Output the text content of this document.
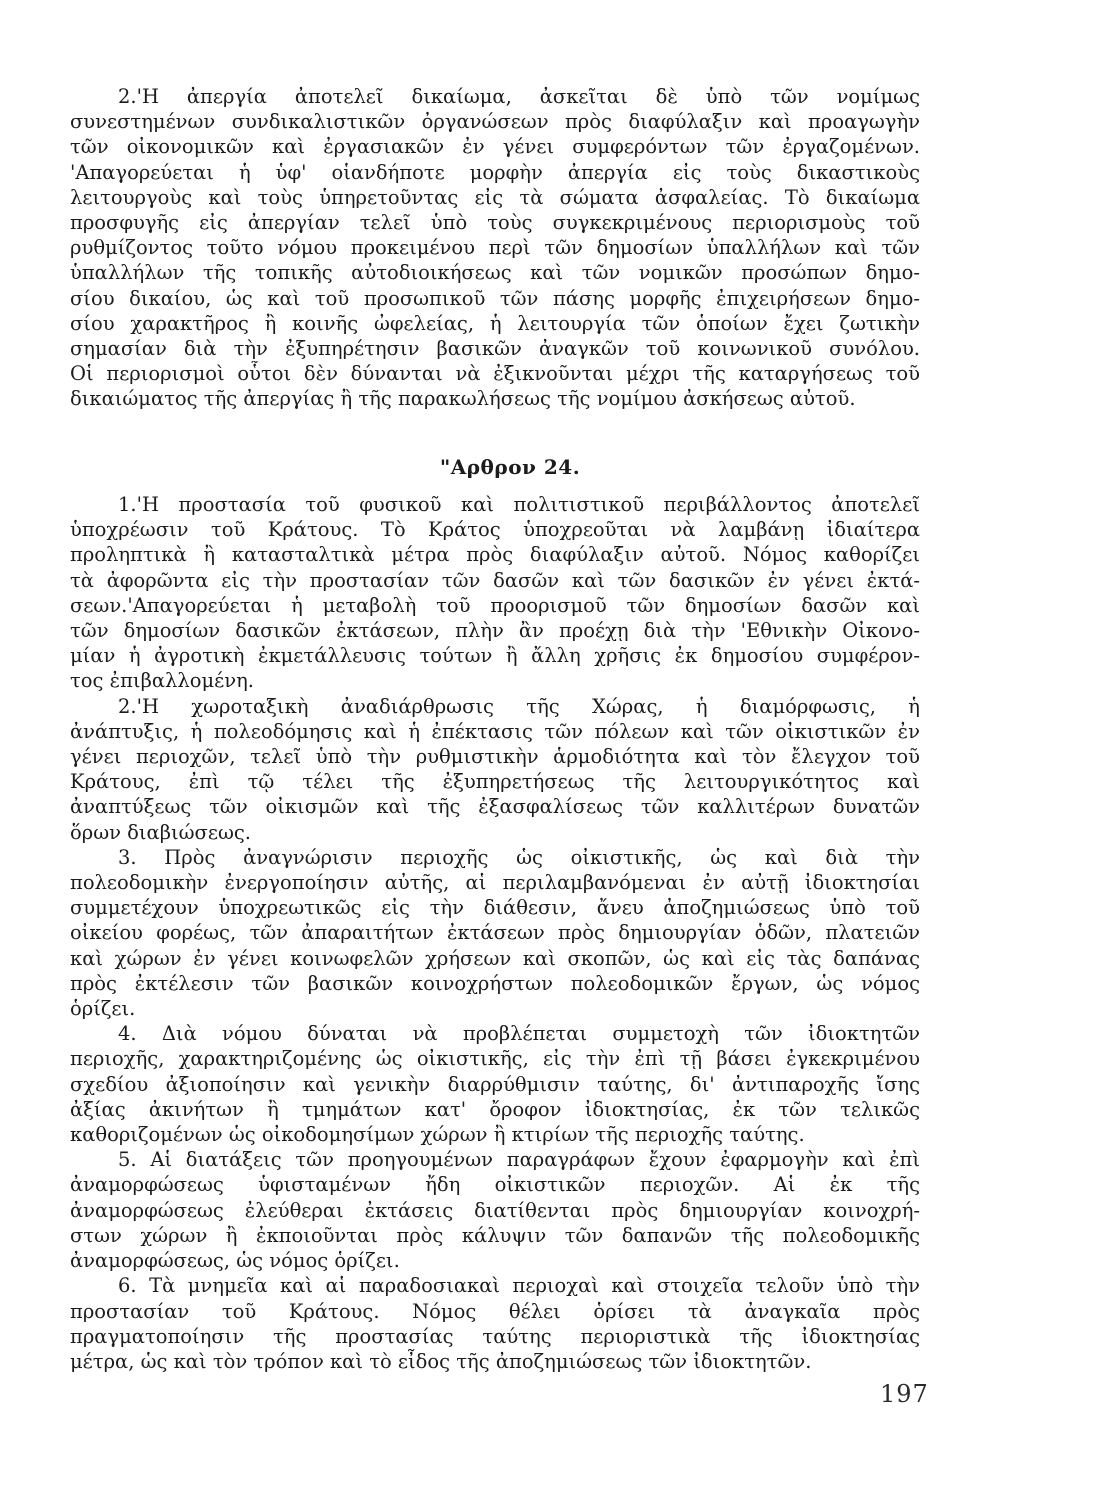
2.'Η ἀπεργία ἀποτελεῖ δικαίωμα, ἀσκεῖται δὲ ὑπὸ τῶν νομίμως
συνεστημένων συνδικαλιστικῶν ὀργανώσεων πρὸς διαφύλαξιν καὶ προαγωγὴν
τῶν οἰκονομικῶν καὶ ἐργασιακῶν ἐν γένει συμφερόντων τῶν ἐργαζομένων.
'Απαγορεύεται ἡ ὑφ' οἱανδήποτε μορφὴν ἀπεργία εἰς τοὺς δικαστικοὺς
λειτουργοὺς καὶ τοὺς ὑπηρετοῦντας εἰς τὰ σώματα ἀσφαλείας. Τὸ δικαίωμα
προσφυγῆς εἰς ἀπεργίαν τελεῖ ὑπὸ τοὺς συγκεκριμένους περιορισμοὺς τοῦ
ρυθμίζοντος τοῦτο νόμου προκειμένου περὶ τῶν δημοσίων ὑπαλλήλων καὶ τῶν
ὑπαλλήλων τῆς τοπικῆς αὐτοδιοικήσεως καὶ τῶν νομικῶν προσώπων δημο-
σίου δικαίου, ὡς καὶ τοῦ προσωπικοῦ τῶν πάσης μορφῆς ἐπιχειρήσεων δημο-
σίου χαρακτῆρος ἢ κοινῆς ὠφελείας, ἡ λειτουργία τῶν ὁποίων ἔχει ζωτικὴν
σημασίαν διὰ τὴν ἐξυπηρέτησιν βασικῶν ἀναγκῶν τοῦ κοινωνικοῦ συνόλου.
Οἱ περιορισμοὶ οὗτοι δὲν δύνανται νὰ ἐξικνοῦνται μέχρι τῆς καταργήσεως τοῦ
δικαιώματος τῆς ἀπεργίας ἢ τῆς παρακωλήσεως τῆς νομίμου ἀσκήσεως αὐτοῦ.

"Αρθρον 24.

1.'Η προστασία τοῦ φυσικοῦ καὶ πολιτιστικοῦ περιβάλλοντος ἀποτελεῖ
ὑποχρέωσιν τοῦ Κράτους. Τὸ Κράτος ὑποχρεοῦται νὰ λαμβάνῃ ἰδιαίτερα
προληπτικὰ ἢ κατασταλτικὰ μέτρα πρὸς διαφύλαξιν αὐτοῦ. Νόμος καθορίζει
τὰ ἀφορῶντα εἰς τὴν προστασίαν τῶν δασῶν καὶ τῶν δασικῶν ἐν γένει ἐκτά-
σεων.'Απαγορεύεται ἡ μεταβολὴ τοῦ προορισμοῦ τῶν δημοσίων δασῶν καὶ
τῶν δημοσίων δασικῶν ἐκτάσεων, πλὴν ἂν προέχῃ διὰ τὴν 'Εθνικὴν Οἰκονο-
μίαν ἡ ἀγροτικὴ ἐκμετάλλευσις τούτων ἢ ἄλλη χρῆσις ἐκ δημοσίου συμφέρον-
τος ἐπιβαλλομένη.

2.'Η χωροταξικὴ ἀναδιάρθρωσις τῆς Χώρας, ἡ διαμόρφωσις, ἡ
ἀνάπτυξις, ἡ πολεοδόμησις καὶ ἡ ἐπέκτασις τῶν πόλεων καὶ τῶν οἰκιστικῶν ἐν
γένει περιοχῶν, τελεῖ ὑπὸ τὴν ρυθμιστικὴν ἁρμοδιότητα καὶ τὸν ἔλεγχον τοῦ
Κράτους, ἐπὶ τῷ τέλει τῆς ἐξυπηρετήσεως τῆς λειτουργικότητος καὶ
ἀναπτύξεως τῶν οἰκισμῶν καὶ τῆς ἐξασφαλίσεως τῶν καλλιτέρων δυνατῶν
ὅρων διαβιώσεως.

3. Πρὸς ἀναγνώρισιν περιοχῆς ὡς οἰκιστικῆς, ὡς καὶ διὰ τὴν
πολεοδομικὴν ἐνεργοποίησιν αὐτῆς, αἱ περιλαμβανόμεναι ἐν αὐτῇ ἰδιοκτησίαι
συμμετέχουν ὑποχρεωτικῶς εἰς τὴν διάθεσιν, ἄνευ ἀποζημιώσεως ὑπὸ τοῦ
οἰκείου φορέως, τῶν ἀπαραιτήτων ἐκτάσεων πρὸς δημιουργίαν ὁδῶν, πλατειῶν
καὶ χώρων ἐν γένει κοινωφελῶν χρήσεων καὶ σκοπῶν, ὡς καὶ εἰς τὰς δαπάνας
πρὸς ἐκτέλεσιν τῶν βασικῶν κοινοχρήστων πολεοδομικῶν ἔργων, ὡς νόμος
ὁρίζει.

4. Διὰ νόμου δύναται νὰ προβλέπεται συμμετοχὴ τῶν ἰδιοκτητῶν
περιοχῆς, χαρακτηριζομένης ὡς οἰκιστικῆς, εἰς τὴν ἐπὶ τῇ βάσει ἐγκεκριμένου
σχεδίου ἀξιοποίησιν καὶ γενικὴν διαρρύθμισιν ταύτης, δι' ἀντιπαροχῆς ἴσης
ἀξίας ἀκινήτων ἢ τμημάτων κατ' ὄροφον ἰδιοκτησίας, ἐκ τῶν τελικῶς
καθοριζομένων ὡς οἰκοδομησίμων χώρων ἢ κτιρίων τῆς περιοχῆς ταύτης.

5. Αἱ διατάξεις τῶν προηγουμένων παραγράφων ἔχουν ἐφαρμογὴν καὶ ἐπὶ
ἀναμορφώσεως ὑφισταμένων ἤδη οἰκιστικῶν περιοχῶν. Αἱ ἐκ τῆς
ἀναμορφώσεως ἐλεύθεραι ἐκτάσεις διατίθενται πρὸς δημιουργίαν κοινοχρή-
στων χώρων ἢ ἐκποιοῦνται πρὸς κάλυψιν τῶν δαπανῶν τῆς πολεοδομικῆς
ἀναμορφώσεως, ὡς νόμος ὁρίζει.

6. Τὰ μνημεῖα καὶ αἱ παραδοσιακαὶ περιοχαὶ καὶ στοιχεῖα τελοῦν ὑπὸ τὴν
προστασίαν τοῦ Κράτους. Νόμος θέλει ὁρίσει τὰ ἀναγκαῖα πρὸς
πραγματοποίησιν τῆς προστασίας ταύτης περιοριστικὰ τῆς ἰδιοκτησίας
μέτρα, ὡς καὶ τὸν τρόπον καὶ τὸ εἶδος τῆς ἀποζημιώσεως τῶν ἰδιοκτητῶν.

197
